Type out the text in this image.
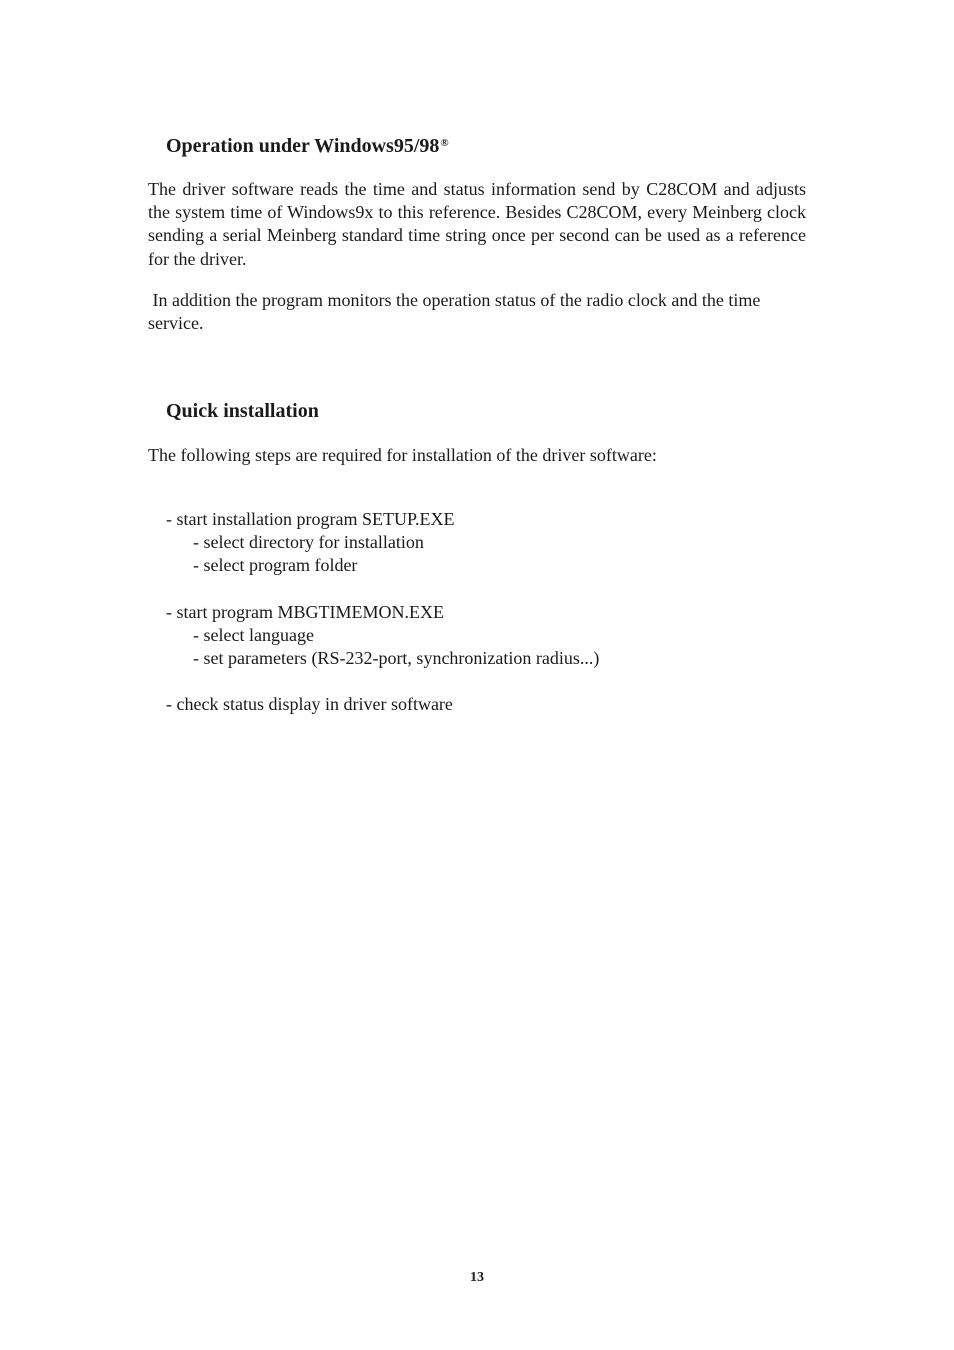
Operation under Windows95/98®

The driver software reads the time and status information send by C28COM and adjusts the system time of Windows9x to this reference. Besides C28COM, every Meinberg clock sending a serial Meinberg standard time string once per second can be used as a reference for the driver.

In addition the program monitors the operation status of the radio clock and the time service.

Quick installation

The following steps are required for installation of the driver software:

- start installation program SETUP.EXE
- select directory for installation
- select program folder
- start program MBGTIMEMON.EXE
- select language
- set parameters (RS-232-port, synchronization radius...)
- check status display in driver software
13
